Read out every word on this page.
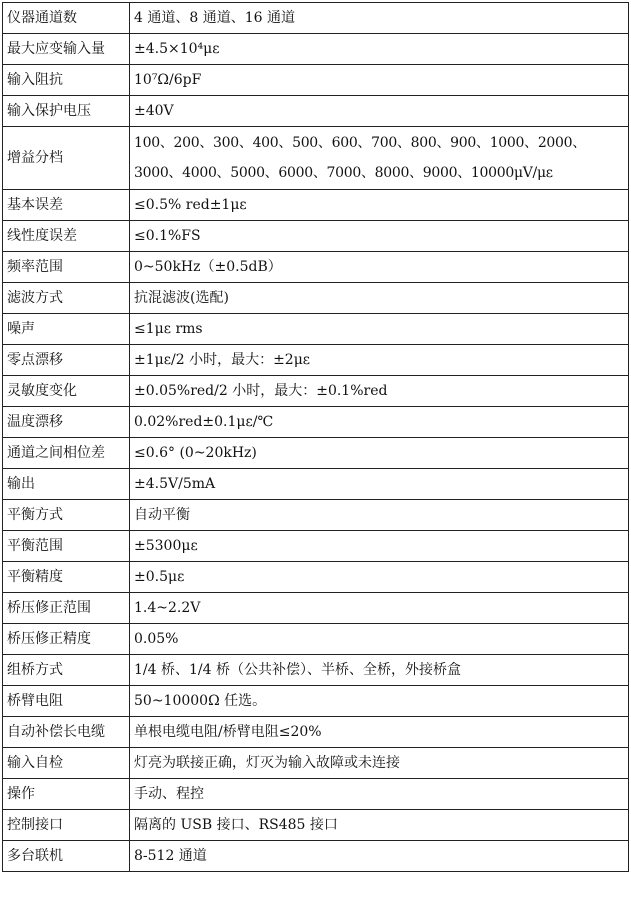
仪器通道数	4 通道、8 通道、16 通道
最大应变输入量	±4.5×10⁴με
输入阻抗	10⁷Ω/6pF
输入保护电压	±40V
增益分档	100、200、300、400、500、600、700、800、900、1000、2000、3000、4000、5000、6000、7000、8000、9000、10000μV/με
基本误差	≤0.5% red±1με
线性度误差	≤0.1%FS
频率范围	0~50kHz（±0.5dB）
滤波方式	抗混滤波(选配)
噪声	≤1με rms
零点漂移	±1με/2 小时，最大：±2με
灵敏度变化	±0.05%red/2 小时，最大：±0.1%red
温度漂移	0.02%red±0.1με/℃
通道之间相位差	≤0.6° (0~20kHz)
输出	±4.5V/5mA
平衡方式	自动平衡
平衡范围	±5300με
平衡精度	±0.5με
桥压修正范围	1.4~2.2V
桥压修正精度	0.05%
组桥方式	1/4 桥、1/4 桥（公共补偿）、半桥、全桥，外接桥盒
桥臂电阻	50~10000Ω 任选。
自动补偿长电缆	单根电缆电阻/桥臂电阻≤20%
输入自检	灯亮为联接正确，灯灭为输入故障或未连接
操作	手动、程控
控制接口	隔离的 USB 接口、RS485 接口
多台联机	8-512 通道
